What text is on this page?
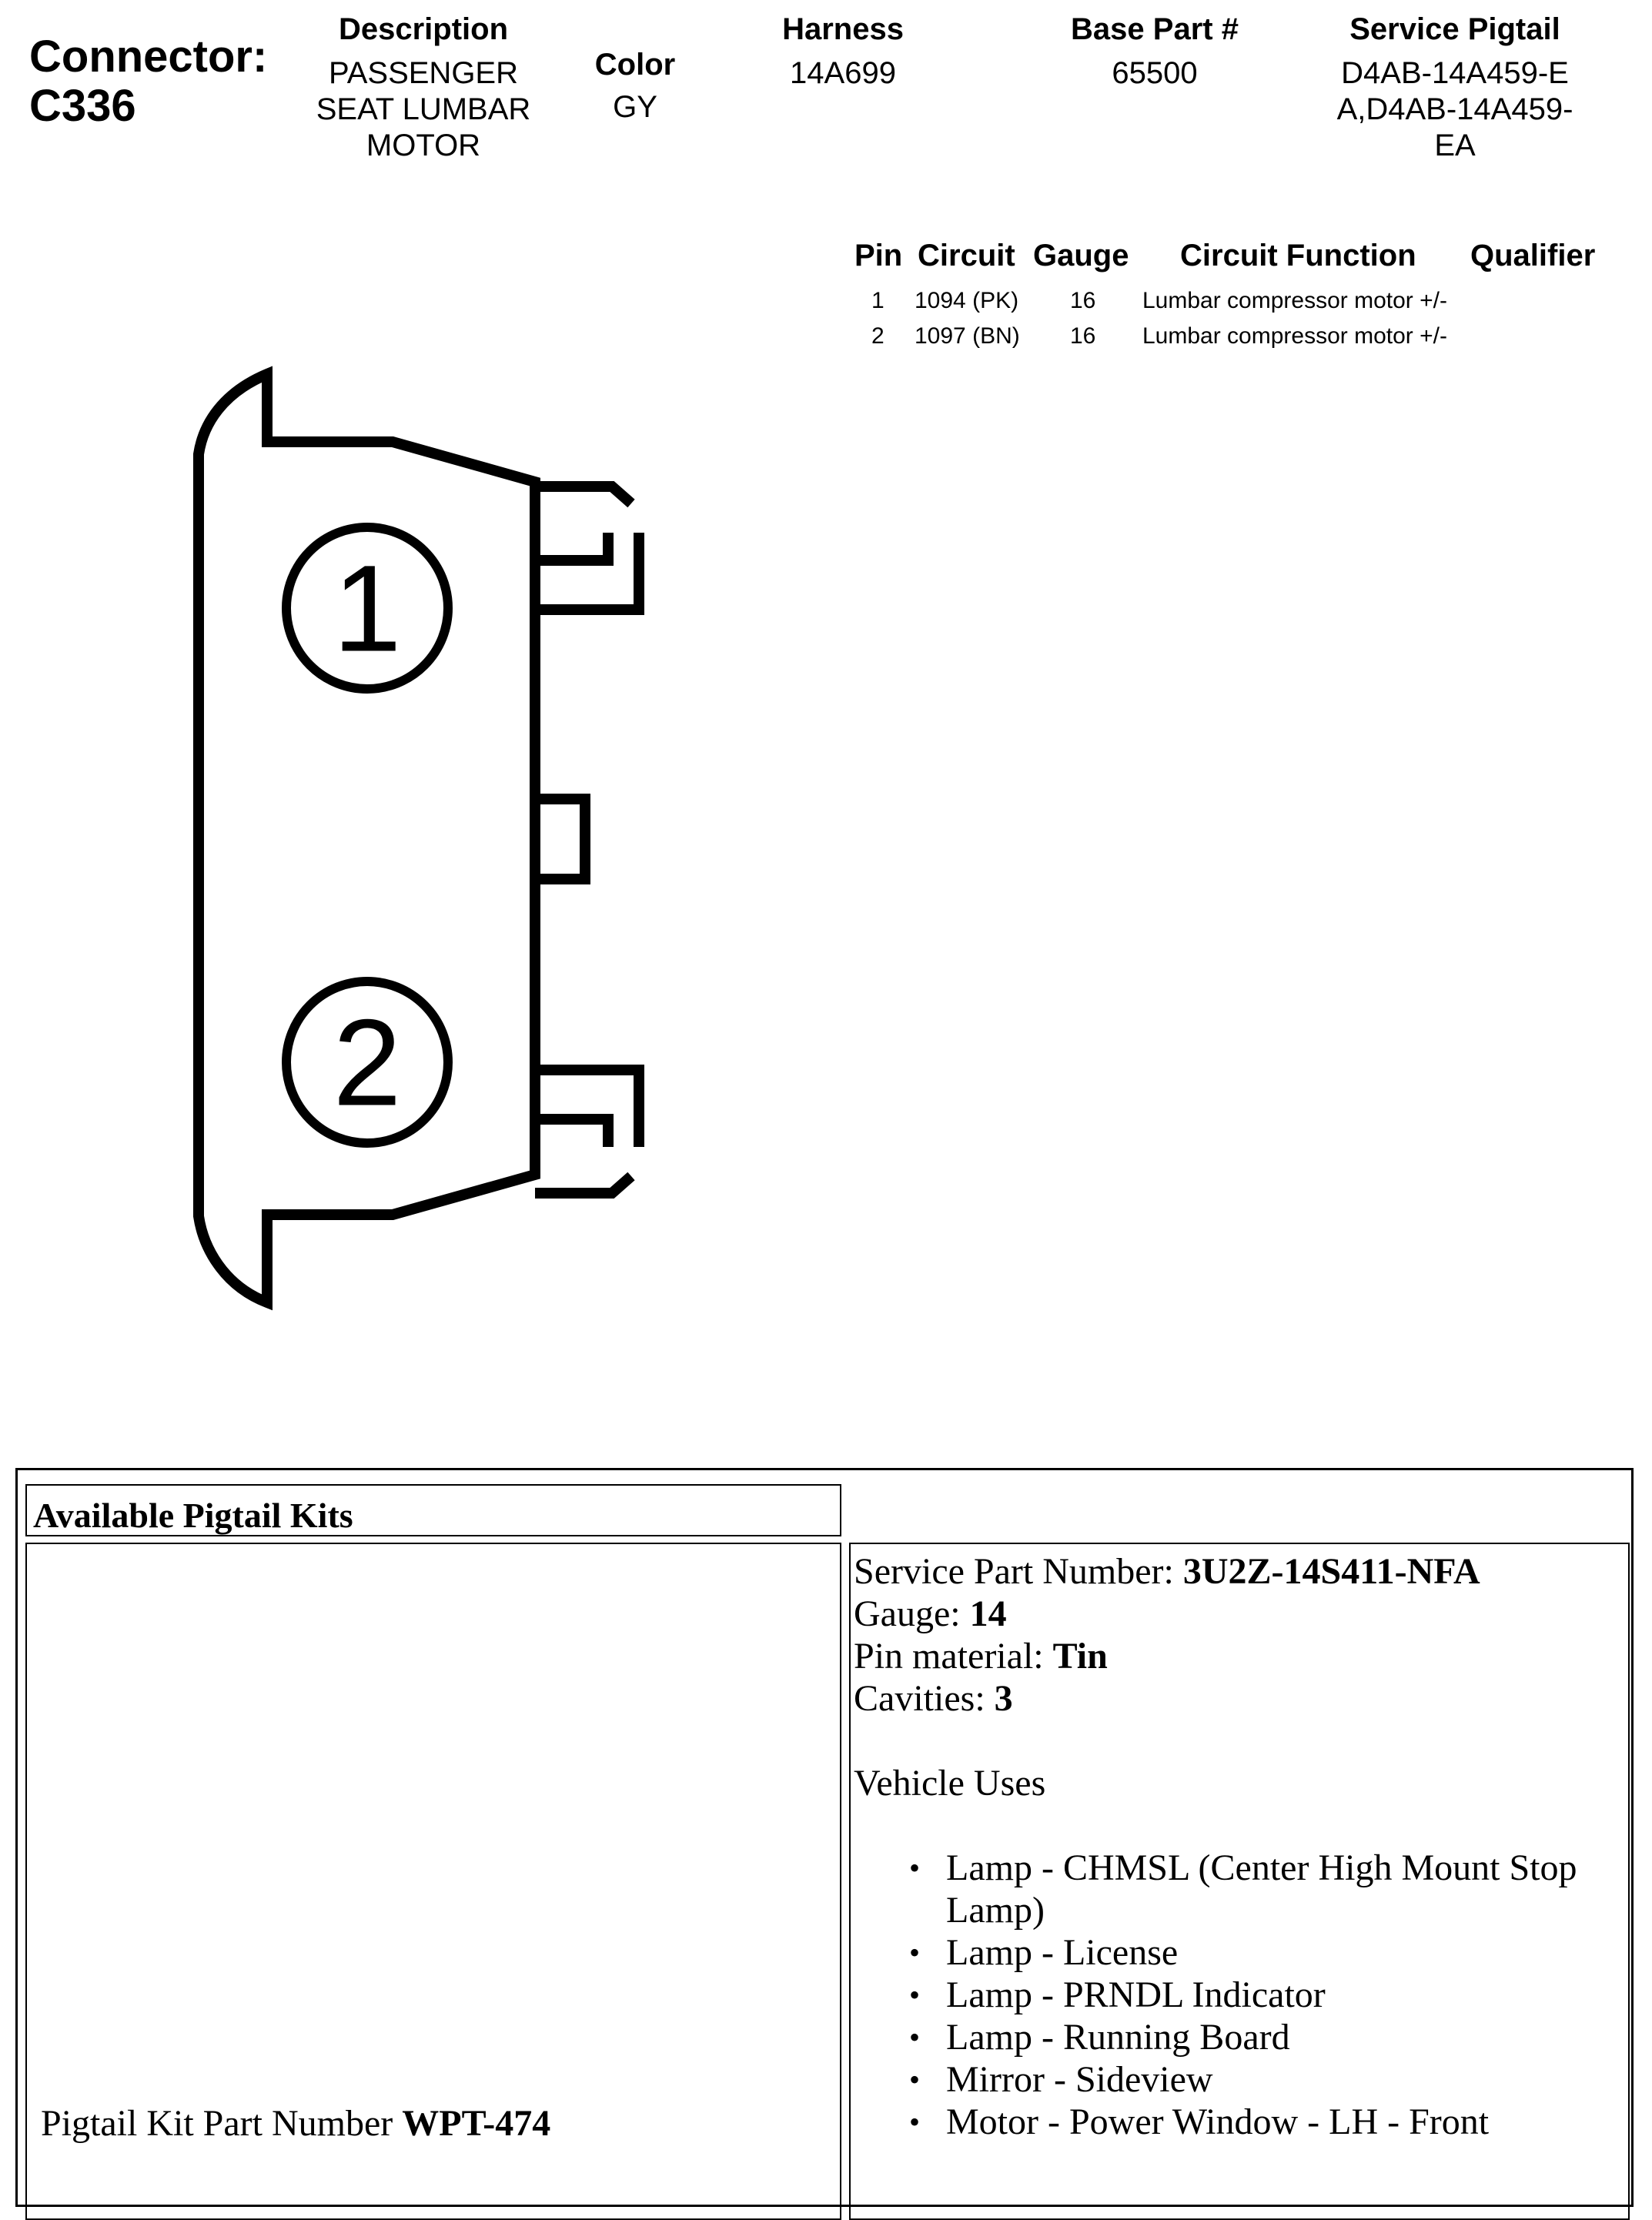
Connector:
C336
Description
PASSENGER SEAT LUMBAR MOTOR
Color
GY
Harness
14A699
Base Part #
65500
Service Pigtail
D4AB-14A459-EA,D4AB-14A459-EA
Pin Circuit Gauge Circuit Function Qualifier
1 1094 (PK) 16 Lumbar compressor motor +/-
2 1097 (BN) 16 Lumbar compressor motor +/-
1
2
Available Pigtail Kits
Pigtail Kit Part Number WPT-474
Service Part Number: 3U2Z-14S411-NFA
Gauge: 14
Pin material: Tin
Cavities: 3
Vehicle Uses
• Lamp - CHMSL (Center High Mount Stop Lamp)
• Lamp - License
• Lamp - PRNDL Indicator
• Lamp - Running Board
• Mirror - Sideview
• Motor - Power Window - LH - Front
